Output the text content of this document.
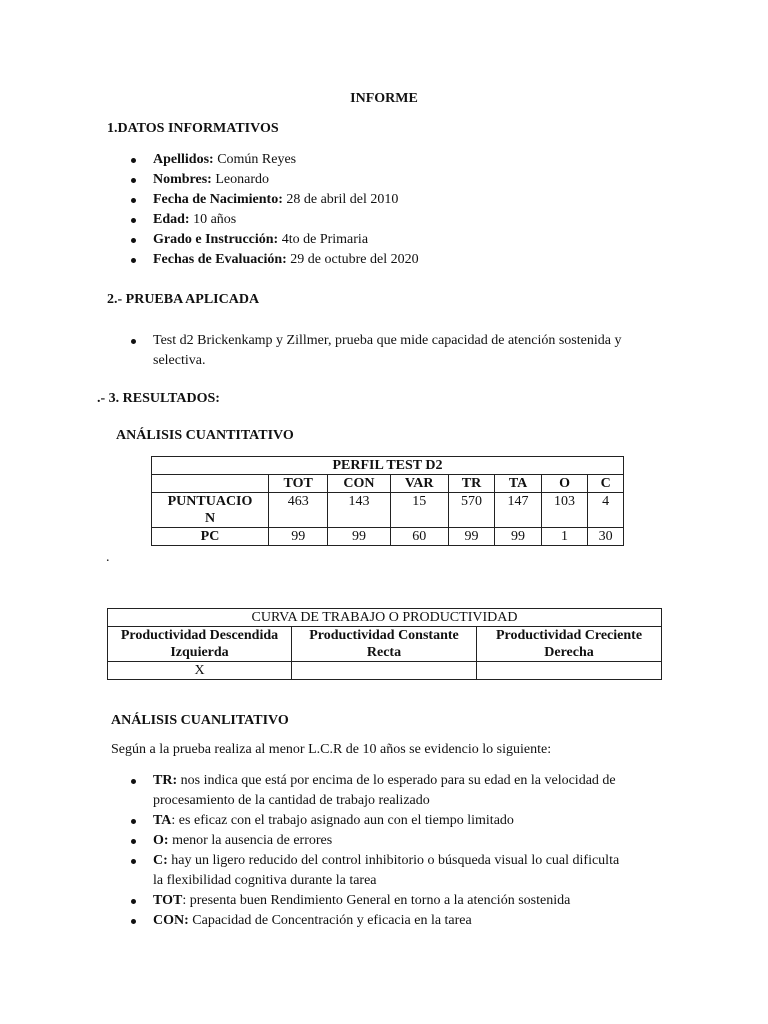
INFORME
1.DATOS INFORMATIVOS
Apellidos: Común Reyes
Nombres: Leonardo
Fecha de Nacimiento: 28 de abril del 2010
Edad: 10 años
Grado e Instrucción: 4to de Primaria
Fechas de Evaluación: 29 de octubre del 2020
2.- PRUEBA APLICADA
Test d2 Brickenkamp y Zillmer, prueba que mide capacidad de atención sostenida y
selectiva.
.- 3. RESULTADOS:
ANÁLISIS CUANTITATIVO
PERFIL TEST D2							
	TOT	CON	VAR	TR	TA	O	C
PUNTUACIO
N	463	143	15	570	147	103	4
PC	99	99	60	99	99	1	30
.
CURVA DE TRABAJO O PRODUCTIVIDAD		
Productividad Descendida
Izquierda	Productividad Constante
Recta	Productividad Creciente
Derecha
X		
ANÁLISIS CUANLITATIVO
Según a la prueba realiza al menor L.C.R de 10 años se evidencio lo siguiente:
TR: nos indica que está por encima de lo esperado para su edad en la velocidad de
procesamiento de la cantidad de trabajo realizado
TA: es eficaz con el trabajo asignado aun con el tiempo limitado
O: menor la ausencia de errores
C: hay un ligero reducido del control inhibitorio o búsqueda visual lo cual dificulta
la flexibilidad cognitiva durante la tarea
TOT: presenta buen Rendimiento General en torno a la atención sostenida
CON: Capacidad de Concentración y eficacia en la tarea
